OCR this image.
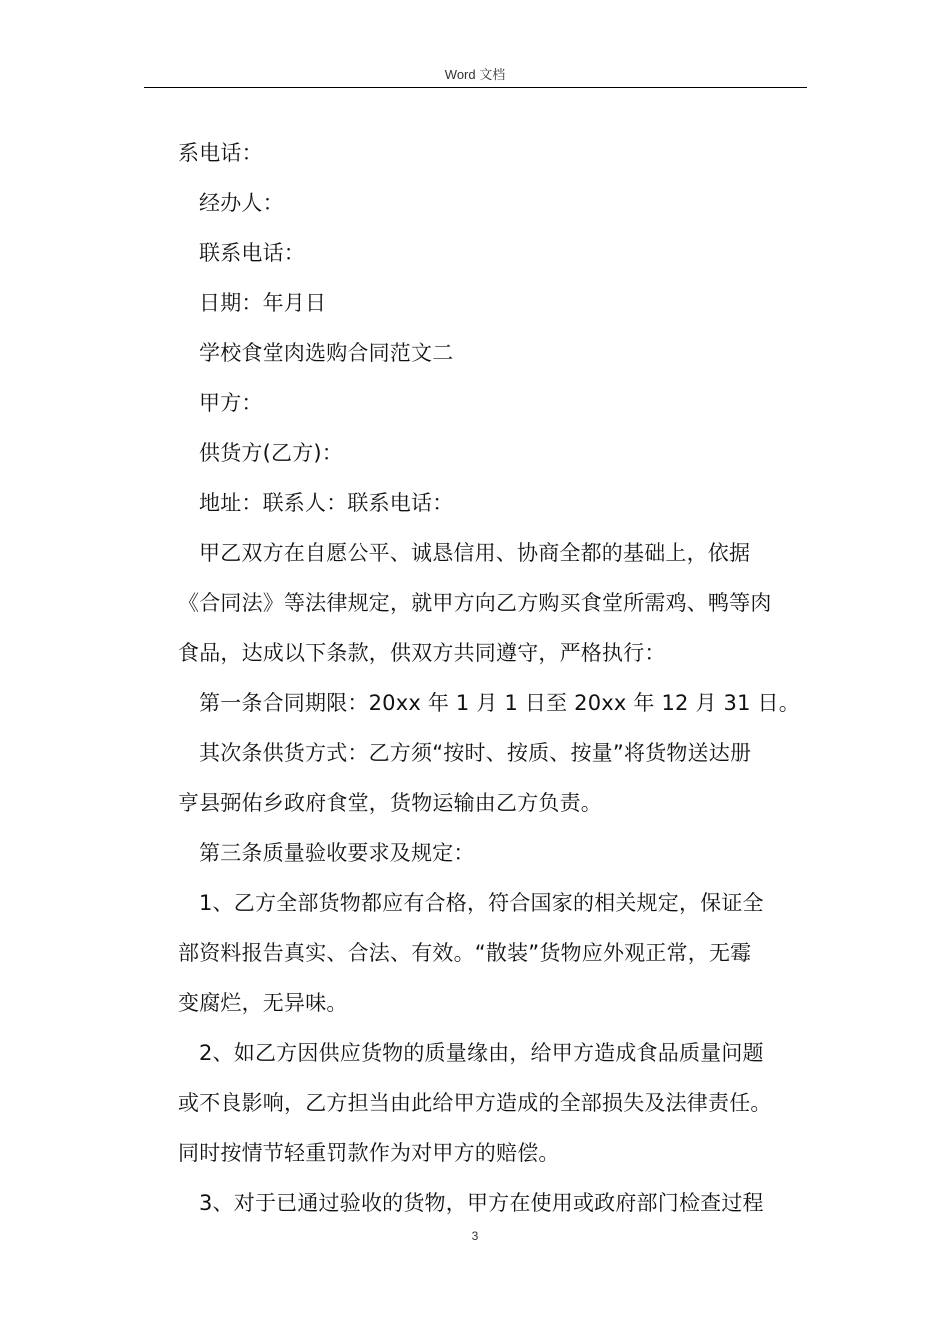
Word 文档
系电话：
经办人：
联系电话：
日期：年月日
学校食堂肉选购合同范文二
甲方：
供货方(乙方)：
地址：联系人：联系电话：
甲乙双方在自愿公平、诚恳信用、协商全都的基础上，依据
《合同法》等法律规定，就甲方向乙方购买食堂所需鸡、鸭等肉
食品，达成以下条款，供双方共同遵守，严格执行：
第一条合同期限：20xx 年 1 月 1 日至 20xx 年 12 月 31 日。
其次条供货方式：乙方须“按时、按质、按量”将货物送达册
亨县弼佑乡政府食堂，货物运输由乙方负责。
第三条质量验收要求及规定：
1、乙方全部货物都应有合格，符合国家的相关规定，保证全
部资料报告真实、合法、有效。“散装”货物应外观正常，无霉
变腐烂，无异味。
2、如乙方因供应货物的质量缘由，给甲方造成食品质量问题
或不良影响，乙方担当由此给甲方造成的全部损失及法律责任。
同时按情节轻重罚款作为对甲方的赔偿。
3、对于已通过验收的货物，甲方在使用或政府部门检查过程
3
